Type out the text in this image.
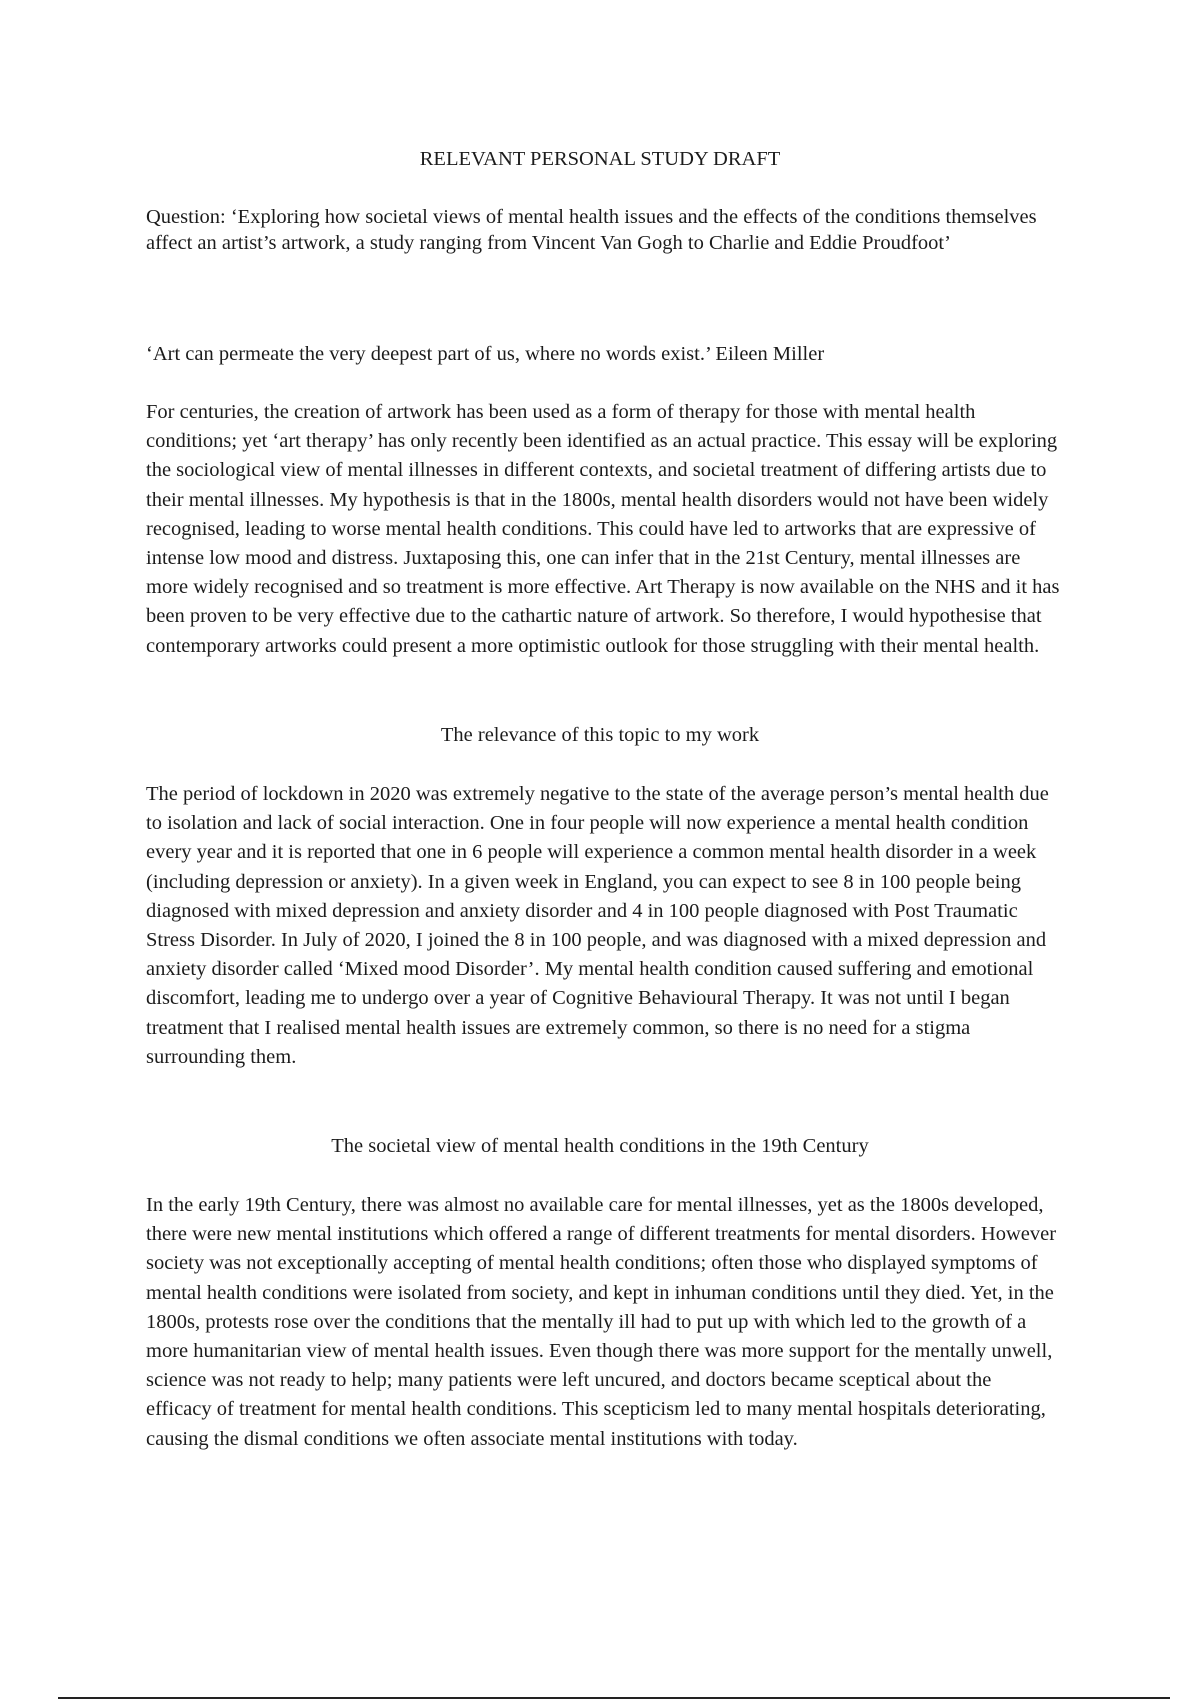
RELEVANT PERSONAL STUDY DRAFT

Question: ‘Exploring how societal views of mental health issues and the effects of the conditions themselves affect an artist’s artwork, a study ranging from Vincent Van Gogh to Charlie and Eddie Proudfoot’

‘Art can permeate the very deepest part of us, where no words exist.’ Eileen Miller

For centuries, the creation of artwork has been used as a form of therapy for those with mental health conditions; yet ‘art therapy’ has only recently been identified as an actual practice. This essay will be exploring the sociological view of mental illnesses in different contexts, and societal treatment of differing artists due to their mental illnesses. My hypothesis is that in the 1800s, mental health disorders would not have been widely recognised, leading to worse mental health conditions. This could have led to artworks that are expressive of intense low mood and distress. Juxtaposing this, one can infer that in the 21st Century, mental illnesses are more widely recognised and so treatment is more effective. Art Therapy is now available on the NHS and it has been proven to be very effective due to the cathartic nature of artwork. So therefore, I would hypothesise that contemporary artworks could present a more optimistic outlook for those struggling with their mental health.

The relevance of this topic to my work

The period of lockdown in 2020 was extremely negative to the state of the average person’s mental health due to isolation and lack of social interaction. One in four people will now experience a mental health condition every year and it is reported that one in 6 people will experience a common mental health disorder in a week (including depression or anxiety). In a given week in England, you can expect to see 8 in 100 people being diagnosed with mixed depression and anxiety disorder and 4 in 100 people diagnosed with Post Traumatic Stress Disorder. In July of 2020, I joined the 8 in 100 people, and was diagnosed with a mixed depression and anxiety disorder called ‘Mixed mood Disorder’. My mental health condition caused suffering and emotional discomfort, leading me to undergo over a year of Cognitive Behavioural Therapy. It was not until I began treatment that I realised mental health issues are extremely common, so there is no need for a stigma surrounding them.

The societal view of mental health conditions in the 19th Century

In the early 19th Century, there was almost no available care for mental illnesses, yet as the 1800s developed, there were new mental institutions which offered a range of different treatments for mental disorders. However society was not exceptionally accepting of mental health conditions; often those who displayed symptoms of mental health conditions were isolated from society, and kept in inhuman conditions until they died. Yet, in the 1800s, protests rose over the conditions that the mentally ill had to put up with which led to the growth of a more humanitarian view of mental health issues. Even though there was more support for the mentally unwell, science was not ready to help; many patients were left uncured, and doctors became sceptical about the efficacy of treatment for mental health conditions. This scepticism led to many mental hospitals deteriorating, causing the dismal conditions we often associate mental institutions with today.
